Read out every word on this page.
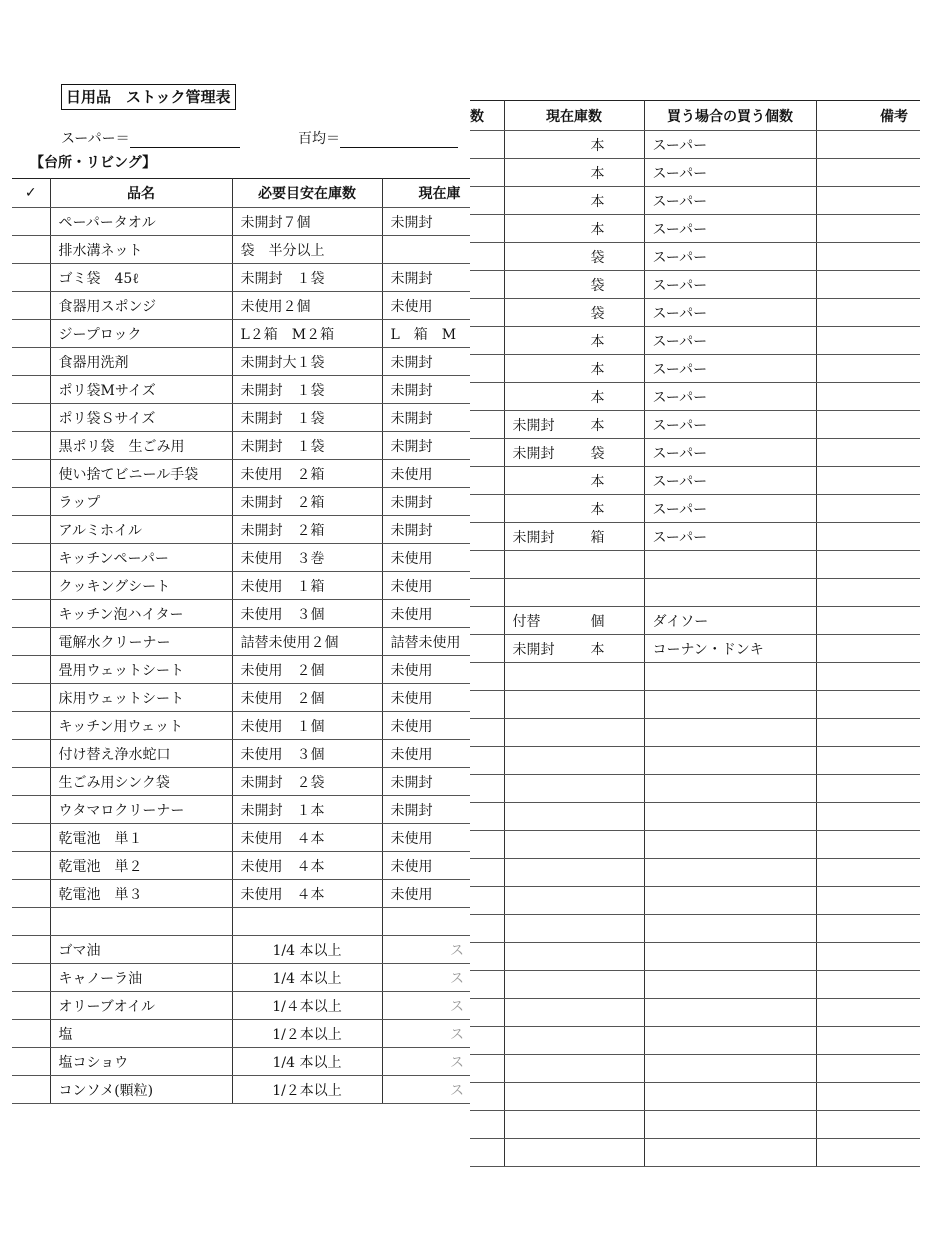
日用品　ストック管理表
スーパー＝	百均＝
【台所・リビング】
✓	品名	必要目安在庫数	現在庫
	ペーパータオル	未開封７個	未開封
	排水溝ネット	袋　半分以上	
	ゴミ袋　45ℓ	未開封　１袋	未開封
	食器用スポンジ	未使用２個	未使用
	ジープロック	L２箱　M２箱	L　箱　M
	食器用洗剤	未開封大１袋	未開封
	ポリ袋Mサイズ	未開封　１袋	未開封
	ポリ袋Ｓサイズ	未開封　１袋	未開封
	黒ポリ袋　生ごみ用	未開封　１袋	未開封
	使い捨てビニール手袋	未使用　２箱	未使用
	ラップ	未開封　２箱	未開封
	アルミホイル	未開封　２箱	未開封
	キッチンペーパー	未使用　３巻	未使用
	クッキングシート	未使用　１箱	未使用
	キッチン泡ハイター	未使用　３個	未使用
	電解水クリーナー	詰替未使用２個	詰替未使用
	畳用ウェットシート	未使用　２個	未使用
	床用ウェットシート	未使用　２個	未使用
	キッチン用ウェット	未使用　１個	未使用
	付け替え浄水蛇口	未使用　３個	未使用
	生ごみ用シンク袋	未開封　２袋	未開封
	ウタマロクリーナー	未開封　１本	未開封
	乾電池　単１	未使用　４本	未使用
	乾電池　単２	未使用　４本	未使用
	乾電池　単３	未使用　４本	未使用

	ゴマ油	1/4 本以上	ス
	キャノーラ油	1/4 本以上	ス
	オリーブオイル	1/４本以上	ス
	塩	1/２本以上	ス
	塩コショウ	1/4 本以上	ス
	コンソメ(顆粒)	1/２本以上	ス
数	現在庫数	買う場合の買う個数	備考
	本	スーパー	
	本	スーパー	
	本	スーパー	
	本	スーパー	
	袋	スーパー	
	袋	スーパー	
	袋	スーパー	
	本	スーパー	
	本	スーパー	
	本	スーパー	
	未開封 本	スーパー	
	未開封 袋	スーパー	
	本	スーパー	
	本	スーパー	
	未開封 箱	スーパー	

	付替 個	ダイソー	
	未開封 本	コーナン・ドンキ	
